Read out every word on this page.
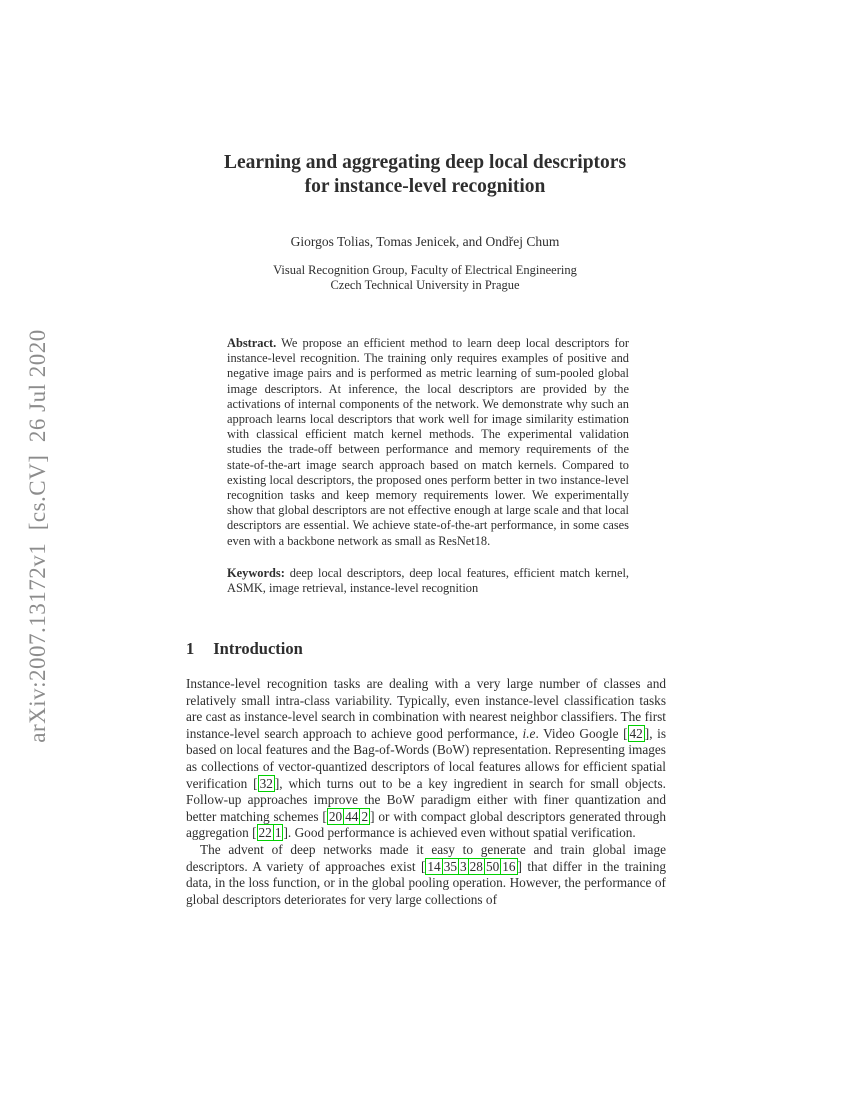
arXiv:2007.13172v1  [cs.CV]  26 Jul 2020
Learning and aggregating deep local descriptors
for instance-level recognition
Giorgos Tolias, Tomas Jenicek, and Ondřej Chum
Visual Recognition Group, Faculty of Electrical Engineering
Czech Technical University in Prague

Abstract. We propose an efficient method to learn deep local descriptors for instance-level recognition. The training only requires examples of positive and negative image pairs and is performed as metric learning of sum-pooled global image descriptors. At inference, the local descriptors are provided by the activations of internal components of the network. We demonstrate why such an approach learns local descriptors that work well for image similarity estimation with classical efficient match kernel methods. The experimental validation studies the trade-off between performance and memory requirements of the state-of-the-art image search approach based on match kernels. Compared to existing local descriptors, the proposed ones perform better in two instance-level recognition tasks and keep memory requirements lower. We experimentally show that global descriptors are not effective enough at large scale and that local descriptors are essential. We achieve state-of-the-art performance, in some cases even with a backbone network as small as ResNet18.

Keywords: deep local descriptors, deep local features, efficient match kernel, ASMK, image retrieval, instance-level recognition

1 Introduction
Instance-level recognition tasks are dealing with a very large number of classes and relatively small intra-class variability. Typically, even instance-level classification tasks are cast as instance-level search in combination with nearest neighbor classifiers. The first instance-level search approach to achieve good performance, i.e. Video Google [ 42 ], is based on local features and the Bag-of-Words (BoW) representation. Representing images as collections of vector-quantized descriptors of local features allows for efficient spatial verification [ 32 ], which turns out to be a key ingredient in search for small objects. Follow-up approaches improve the BoW paradigm either with finer quantization and better matching schemes [ 20 44 2 ] or with compact global descriptors generated through aggregation [ 22 1 ]. Good performance is achieved even without spatial verification.
The advent of deep networks made it easy to generate and train global image descriptors. A variety of approaches exist [ 14 35 3 28 50 16 ] that differ in the training data, in the loss function, or in the global pooling operation. However, the performance of global descriptors deteriorates for very large collections of
